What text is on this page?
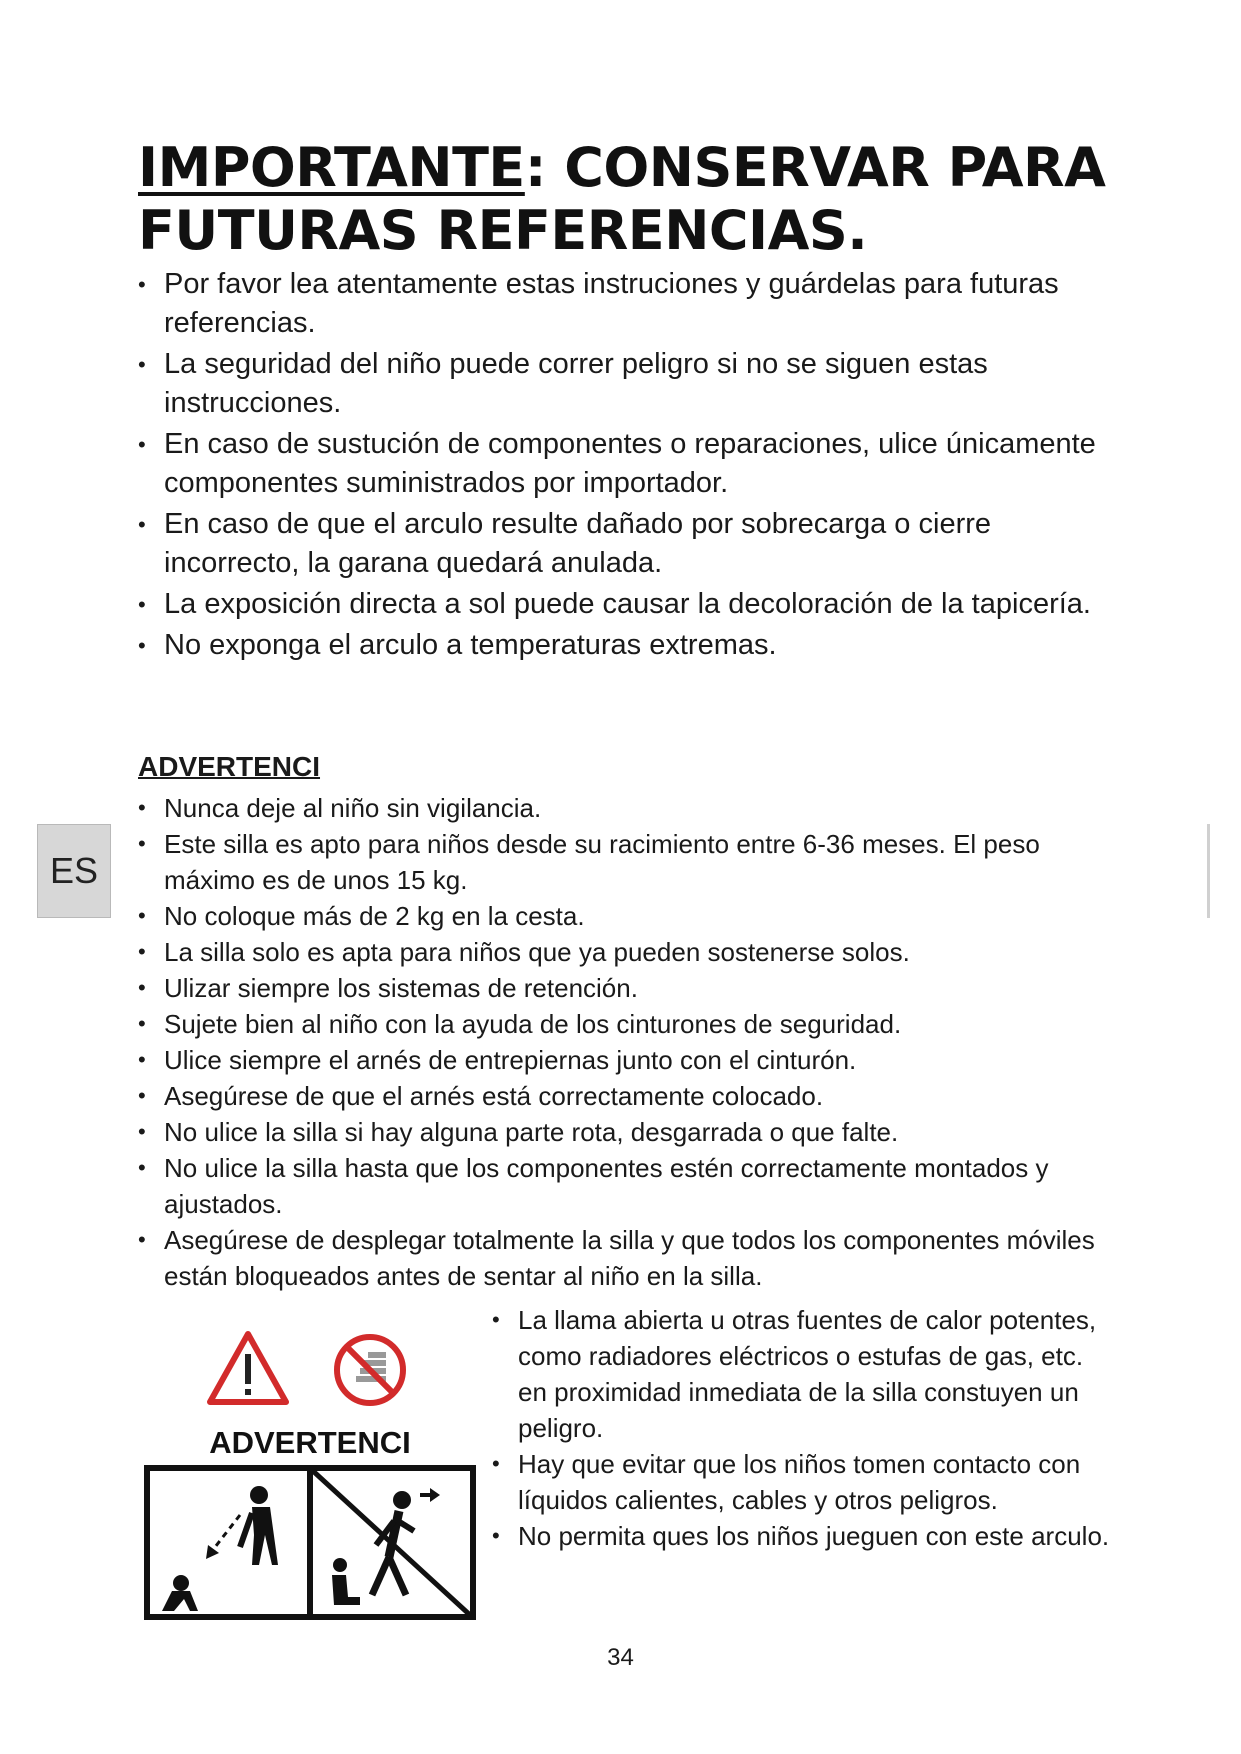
IMPORTANTE: CONSERVAR PARA
FUTURAS REFERENCIAS.
• Por favor lea atentamente estas instruciones y guárdelas para futuras referencias.
• La seguridad del niño puede correr peligro si no se siguen estas instrucciones.
• En caso de sustución de componentes o reparaciones, ulice únicamente componentes suministrados por importador.
• En caso de que el arculo resulte dañado por sobrecarga o cierre incorrecto, la garana quedará anulada.
• La exposición directa a sol puede causar la decoloración de la tapicería.
• No exponga el arculo a temperaturas extremas.
ADVERTENCI
• Nunca deje al niño sin vigilancia.
• Este silla es apto para niños desde su racimiento entre 6-36 meses. El peso máximo es de unos 15 kg.
• No coloque más de 2 kg en la cesta.
• La silla solo es apta para niños que ya pueden sostenerse solos.
• Ulizar siempre los sistemas de retención.
• Sujete bien al niño con la ayuda de los cinturones de seguridad.
• Ulice siempre el arnés de entrepiernas junto con el cinturón.
• Asegúrese de que el arnés está correctamente colocado.
• No ulice la silla si hay alguna parte rota, desgarrada o que falte.
• No ulice la silla hasta que los componentes estén correctamente montados y ajustados.
• Asegúrese de desplegar totalmente la silla y que todos los componentes móviles están bloqueados antes de sentar al niño en la silla.
• La llama abierta u otras fuentes de calor potentes, como radiadores eléctricos o estufas de gas, etc. en proximidad inmediata de la silla constuyen un peligro.
• Hay que evitar que los niños tomen contacto con líquidos calientes, cables y otros peligros.
• No permita ques los niños jueguen con este arculo.
ES
ADVERTENCI
34
